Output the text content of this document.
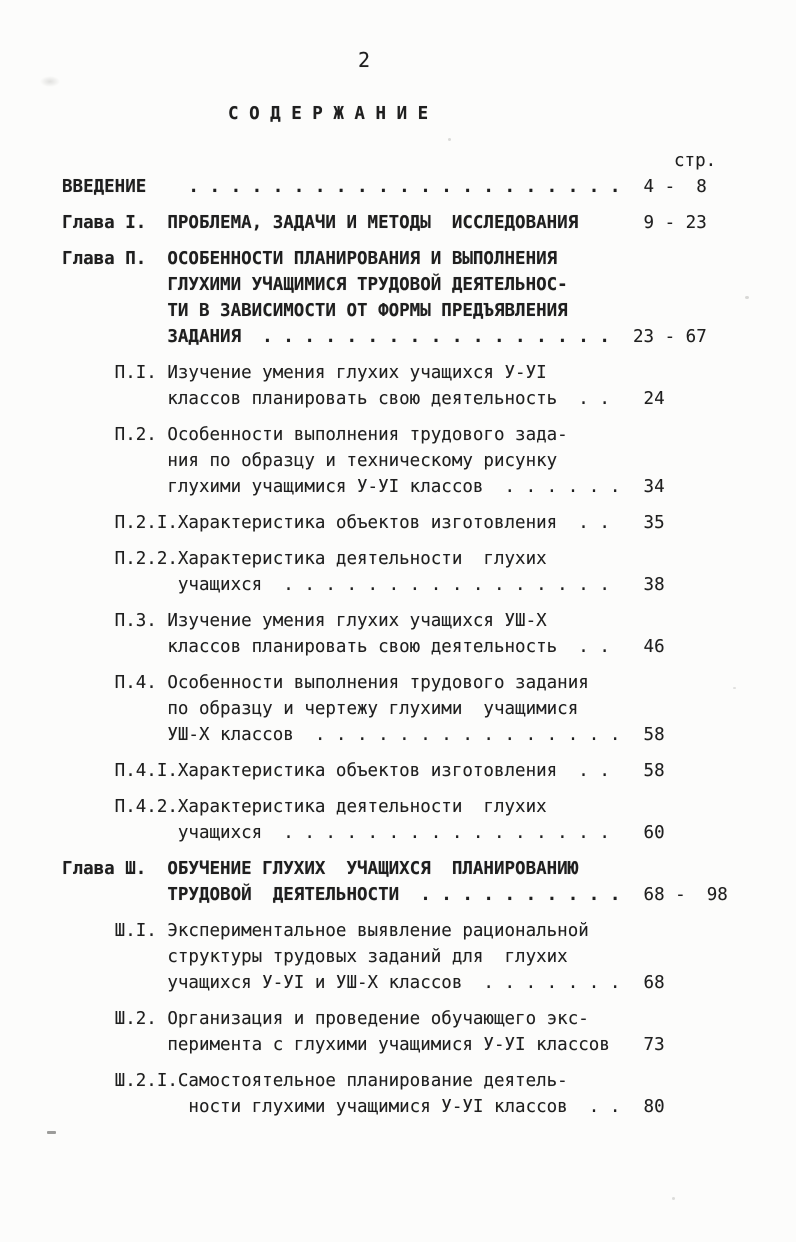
2
С О Д Е Р Ж А Н И Е
стр.
ВВЕДЕНИЕ    . . . . . . . . . . . . . . . . . . . . . 4 -  8
Глава I.  ПРОБЛЕМА, ЗАДАЧИ И МЕТОДЫ  ИССЛЕДОВАНИЯ	9 - 23
Глава П.  ОСОБЕННОСТИ ПЛАНИРОВАНИЯ И ВЫПОЛНЕНИЯ
ГЛУХИМИ УЧАЩИМИСЯ ТРУДОВОЙ ДЕЯТЕЛЬНОС-
ТИ В ЗАВИСИМОСТИ ОТ ФОРМЫ ПРЕДЪЯВЛЕНИЯ
ЗАДАНИЯ  . . . . . . . . . . . . . . . . . 23 - 67
П.I. Изучение умения глухих учащихся У-УI
классов планировать свою деятельность  . . 24
П.2. Особенности выполнения трудового зада-
ния по образцу и техническому рисунку
глухими учащимися У-УI классов  . . . . . . 34
П.2.I.Характеристика объектов изготовления  . . 35
П.2.2.Характеристика деятельности  глухих
учащихся  . . . . . . . . . . . . . . . . 38
П.3. Изучение умения глухих учащихся УШ-Х
классов планировать свою деятельность  . . 46
П.4. Особенности выполнения трудового задания
по образцу и чертежу глухими  учащимися
УШ-Х классов  . . . . . . . . . . . . . . . 58
П.4.I.Характеристика объектов изготовления  . . 58
П.4.2.Характеристика деятельности  глухих
учащихся  . . . . . . . . . . . . . . . . 60
Глава Ш.  ОБУЧЕНИЕ ГЛУХИХ  УЧАЩИХСЯ  ПЛАНИРОВАНИЮ
ТРУДОВОЙ  ДЕЯТЕЛЬНОСТИ  . . . . . . . . . . 68 -  98
Ш.I. Экспериментальное выявление рациональной
структуры трудовых заданий для  глухих
учащихся У-УI и УШ-Х классов  . . . . . . . 68
Ш.2. Организация и проведение обучающего экс-
перимента с глухими учащимися У-УI классов 73
Ш.2.I.Самостоятельное планирование деятель-
ности глухими учащимися У-УI классов  . . 80
